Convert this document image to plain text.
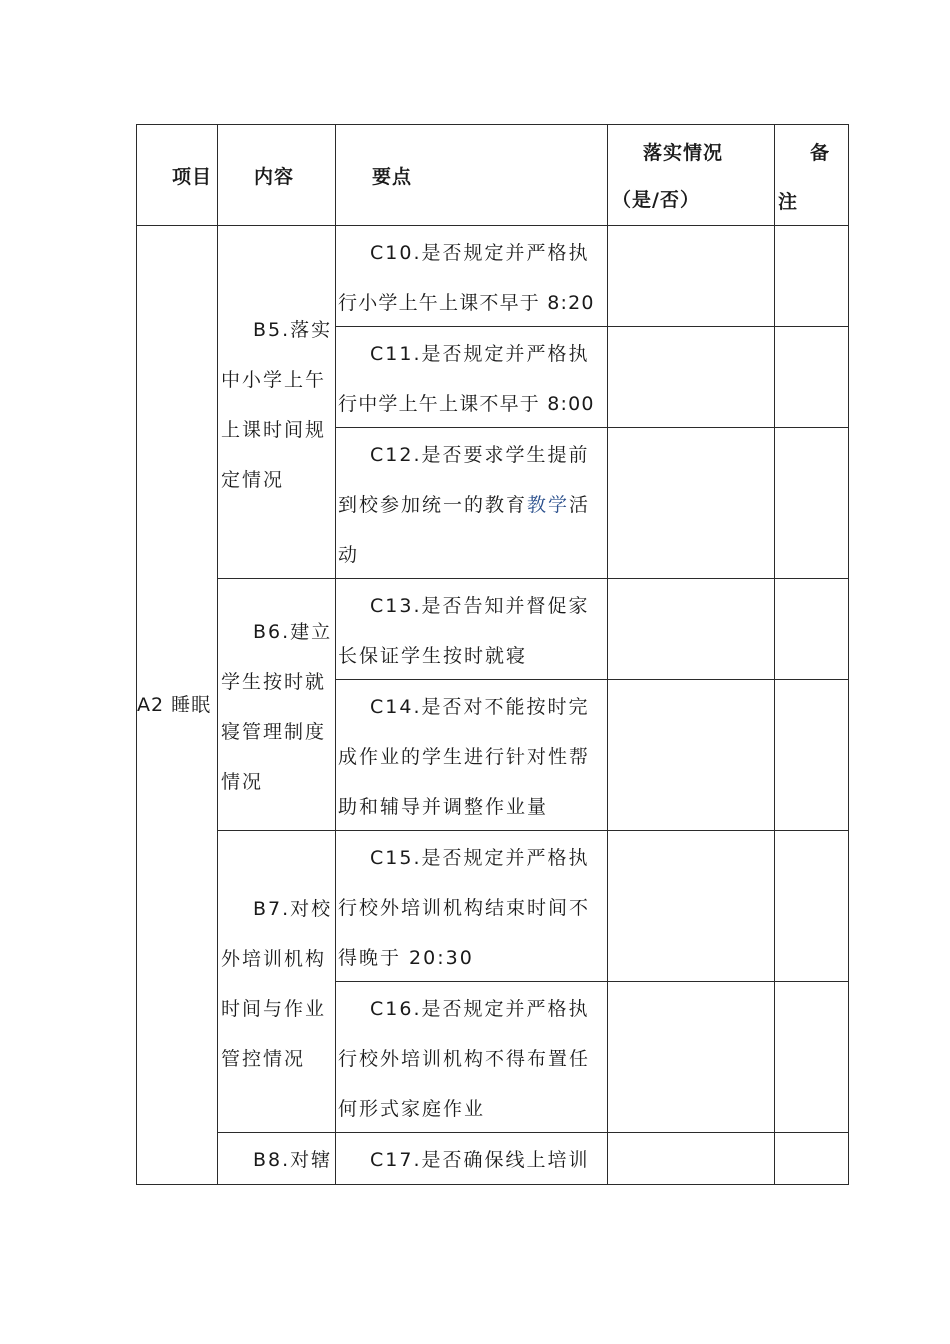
项目 内容	要点
落实情况
（是/否）
备
注
A2 睡眠
B5.落实
中小学上午
上课时间规
定情况
B6.建立
学生按时就
寝管理制度
情况
B7.对校
外培训机构
时间与作业
管控情况
B8.对辖
C10.是否规定并严格执
行小学上午上课不早于 8:20
C11.是否规定并严格执
行中学上午上课不早于 8:00
C12.是否要求学生提前
到校参加统一的教育教学活
动
C13.是否告知并督促家
长保证学生按时就寝
C14.是否对不能按时完
成作业的学生进行针对性帮
助和辅导并调整作业量
C15.是否规定并严格执
行校外培训机构结束时间不
得晚于 20:30
C16.是否规定并严格执
行校外培训机构不得布置任
何形式家庭作业
C17.是否确保线上培训
